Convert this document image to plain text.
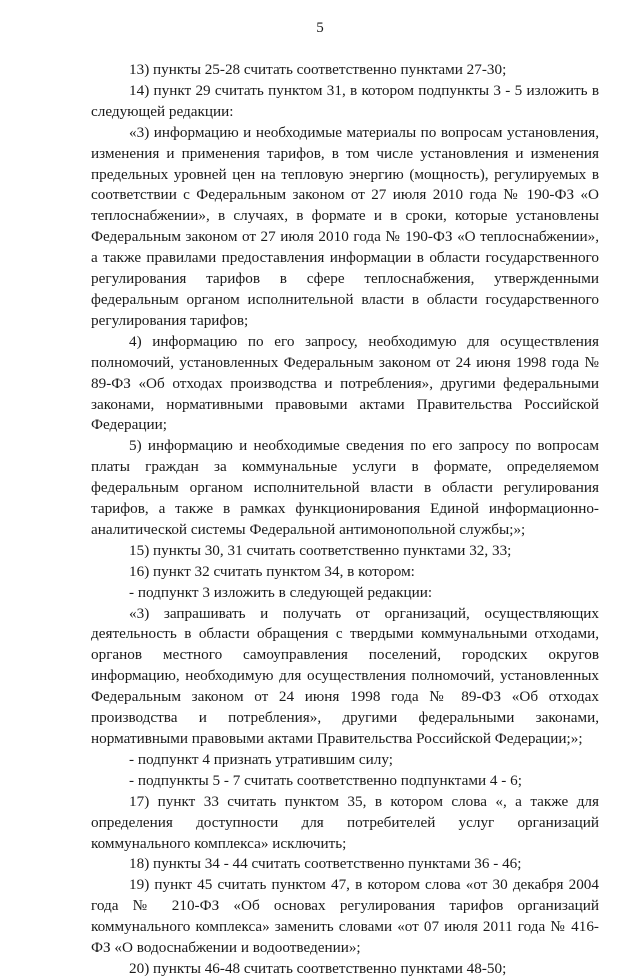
5

13) пункты 25-28 считать соответственно пунктами 27-30;

14) пункт 29 считать пунктом 31, в котором подпункты 3 - 5 изложить в следующей редакции:

«3) информацию и необходимые материалы по вопросам установления, изменения и применения тарифов, в том числе установления и изменения предельных уровней цен на тепловую энергию (мощность), регулируемых в соответствии с Федеральным законом от 27 июля 2010 года № 190-ФЗ «О теплоснабжении», в случаях, в формате и в сроки, которые установлены Федеральным законом от 27 июля 2010 года № 190-ФЗ «О теплоснабжении», а также правилами предоставления информации в области государственного регулирования тарифов в сфере теплоснабжения, утвержденными федеральным органом исполнительной власти в области государственного регулирования тарифов;

4) информацию по его запросу, необходимую для осуществления полномочий, установленных Федеральным законом от 24 июня 1998 года № 89-ФЗ «Об отходах производства и потребления», другими федеральными законами, нормативными правовыми актами Правительства Российской Федерации;

5) информацию и необходимые сведения по его запросу по вопросам платы граждан за коммунальные услуги в формате, определяемом федеральным органом исполнительной власти в области регулирования тарифов, а также в рамках функционирования Единой информационно-аналитической системы Федеральной антимонопольной службы;»;

15) пункты 30, 31 считать соответственно пунктами 32, 33;

16) пункт 32 считать пунктом 34, в котором:

- подпункт 3 изложить в следующей редакции:

«3) запрашивать и получать от организаций, осуществляющих деятельность в области обращения с твердыми коммунальными отходами, органов местного самоуправления поселений, городских округов информацию, необходимую для осуществления полномочий, установленных Федеральным законом от 24 июня 1998 года № 89-ФЗ «Об отходах производства и потребления», другими федеральными законами, нормативными правовыми актами Правительства Российской Федерации;»;

- подпункт 4 признать утратившим силу;

- подпункты 5 - 7 считать соответственно подпунктами 4 - 6;

17) пункт 33 считать пунктом 35, в котором слова «, а также для определения доступности для потребителей услуг организаций коммунального комплекса» исключить;

18) пункты 34 - 44 считать соответственно пунктами 36 - 46;

19) пункт 45 считать пунктом 47, в котором слова «от 30 декабря 2004 года № 210-ФЗ «Об основах регулирования тарифов организаций коммунального комплекса» заменить словами «от 07 июля 2011 года № 416-ФЗ «О водоснабжении и водоотведении»;

20) пункты 46-48 считать соответственно пунктами 48-50;
